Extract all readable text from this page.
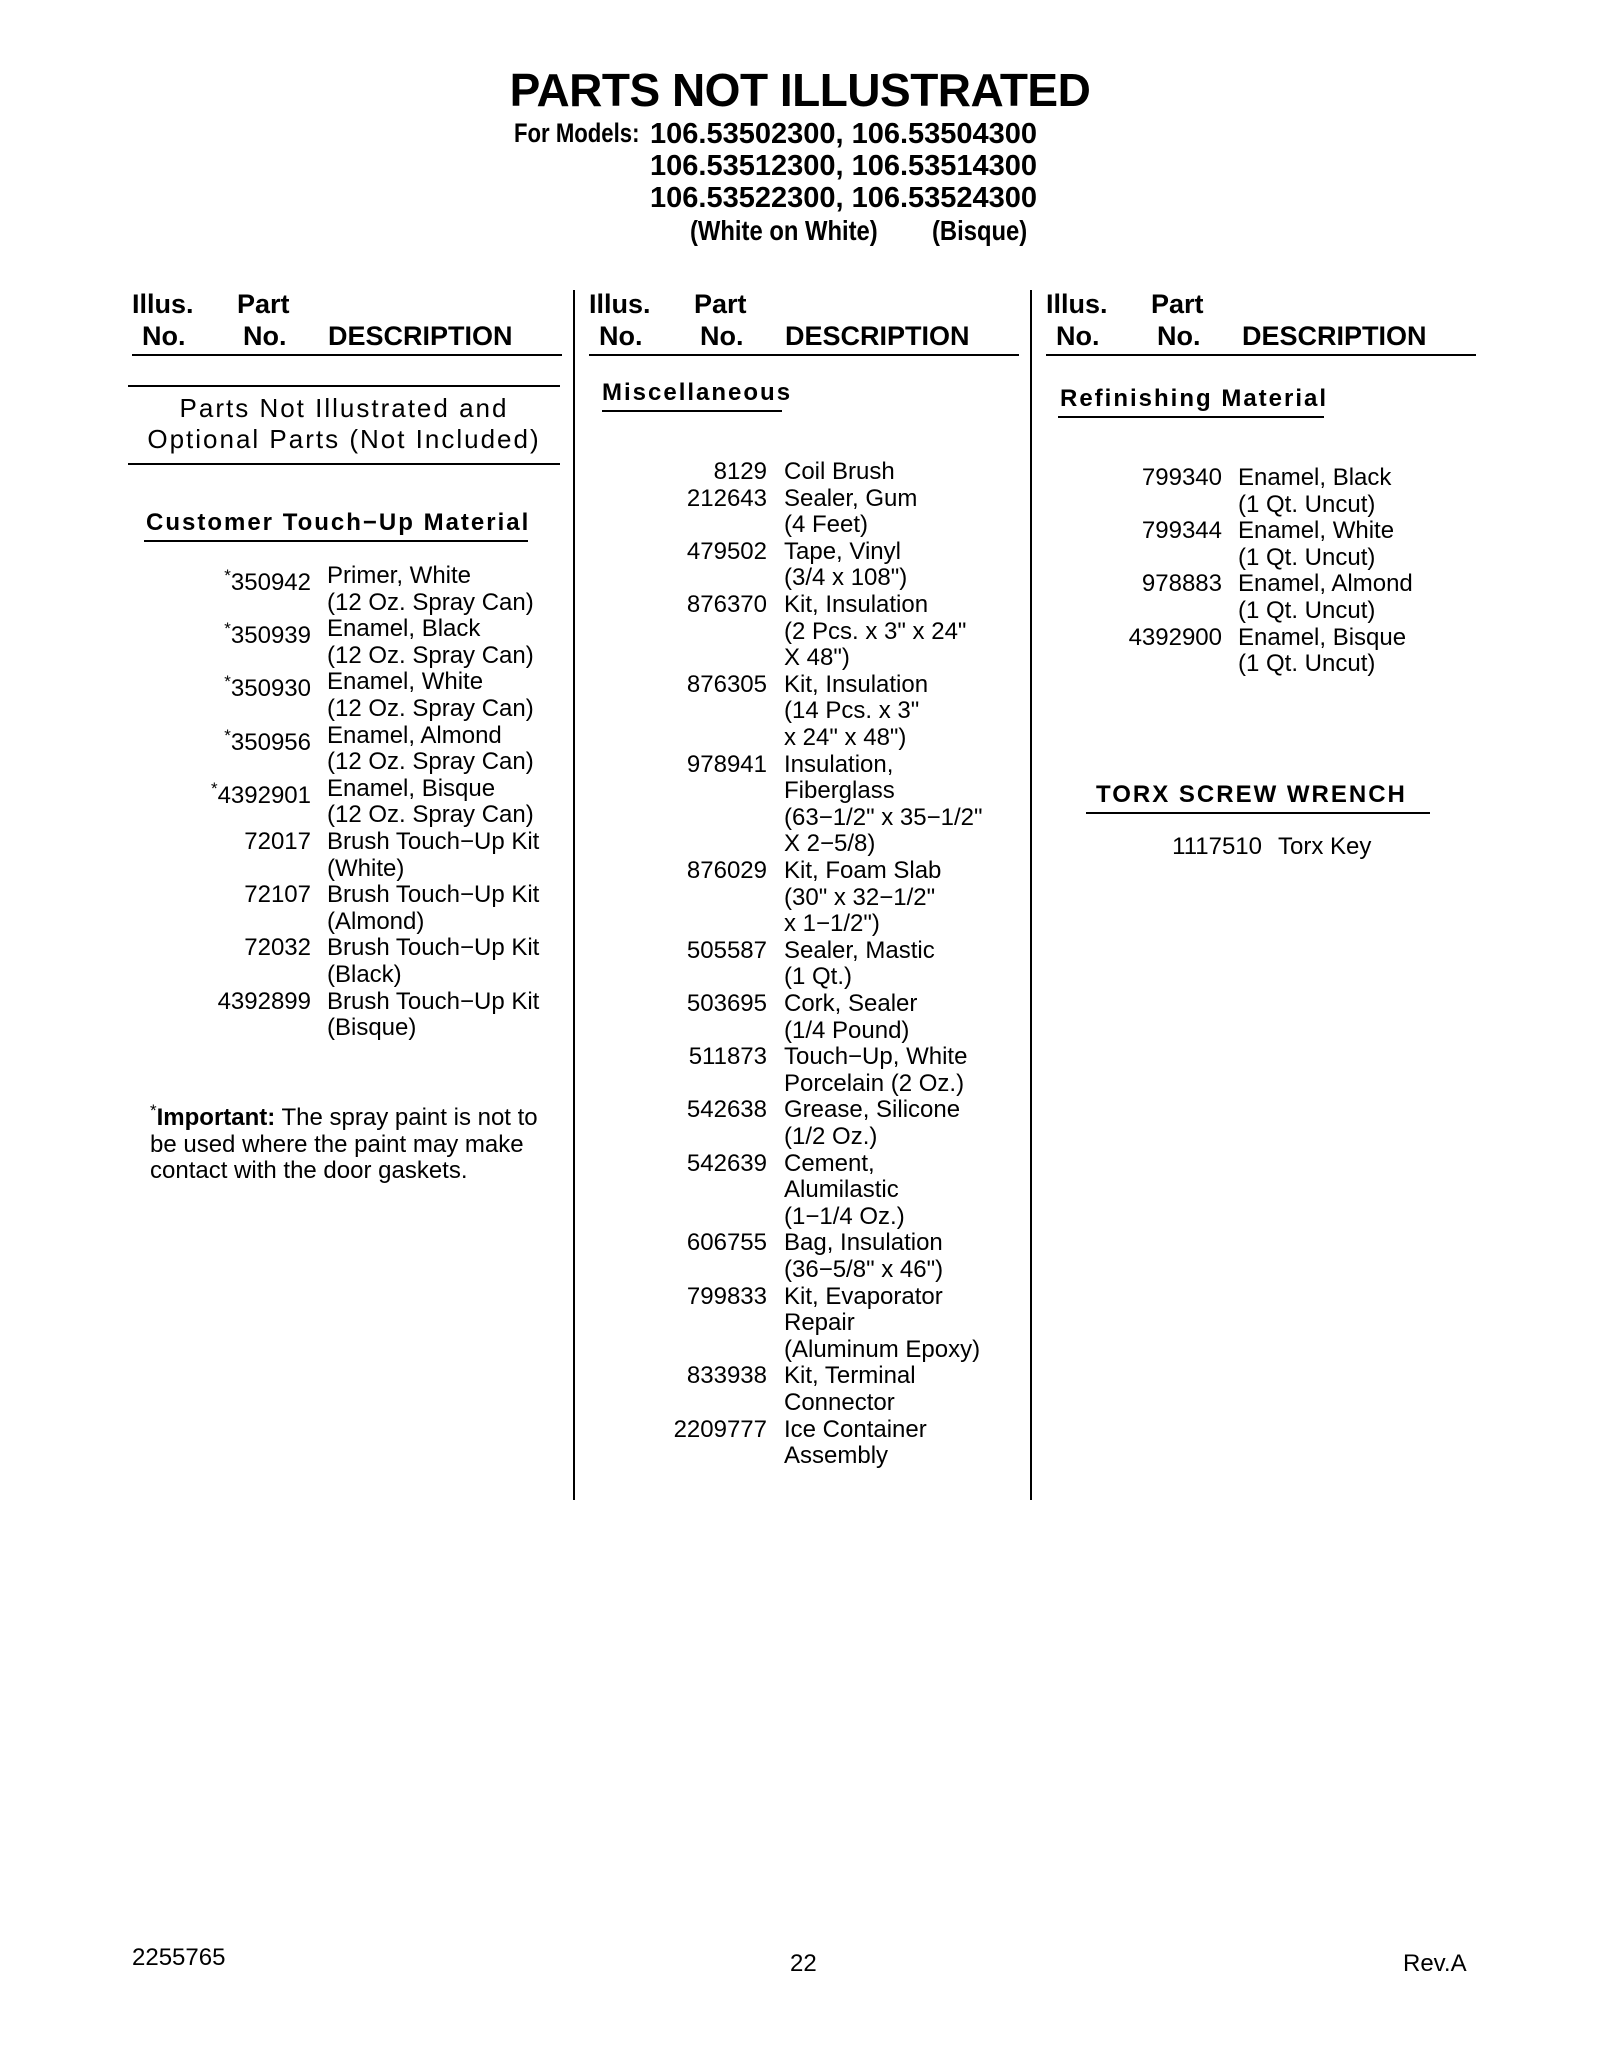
PARTS NOT ILLUSTRATED
For Models: 106.53502300, 106.53504300
106.53512300, 106.53514300
106.53522300, 106.53524300
(White on White) (Bisque)
Illus. Part
No. No. DESCRIPTION
Illus. Part
No. No. DESCRIPTION
Illus. Part
No. No. DESCRIPTION
Parts Not Illustrated and
Optional Parts (Not Included)
Customer Touch−Up Material
*350942 Primer, White
(12 Oz. Spray Can)
*350939 Enamel, Black
(12 Oz. Spray Can)
*350930 Enamel, White
(12 Oz. Spray Can)
*350956 Enamel, Almond
(12 Oz. Spray Can)
*4392901 Enamel, Bisque
(12 Oz. Spray Can)
72017 Brush Touch−Up Kit
(White)
72107 Brush Touch−Up Kit
(Almond)
72032 Brush Touch−Up Kit
(Black)
4392899 Brush Touch−Up Kit
(Bisque)
*Important: The spray paint is not to be used where the paint may make contact with the door gaskets.
Miscellaneous
8129 Coil Brush
212643 Sealer, Gum
(4 Feet)
479502 Tape, Vinyl
(3/4 x 108")
876370 Kit, Insulation
(2 Pcs. x 3" x 24"
X 48")
876305 Kit, Insulation
(14 Pcs. x 3"
x 24" x 48")
978941 Insulation,
Fiberglass
(63−1/2" x 35−1/2"
X 2−5/8)
876029 Kit, Foam Slab
(30" x 32−1/2"
x 1−1/2")
505587 Sealer, Mastic
(1 Qt.)
503695 Cork, Sealer
(1/4 Pound)
511873 Touch−Up, White
Porcelain (2 Oz.)
542638 Grease, Silicone
(1/2 Oz.)
542639 Cement,
Alumilastic
(1−1/4 Oz.)
606755 Bag, Insulation
(36−5/8" x 46")
799833 Kit, Evaporator
Repair
(Aluminum Epoxy)
833938 Kit, Terminal
Connector
2209777 Ice Container
Assembly
Refinishing Material
799340 Enamel, Black
(1 Qt. Uncut)
799344 Enamel, White
(1 Qt. Uncut)
978883 Enamel, Almond
(1 Qt. Uncut)
4392900 Enamel, Bisque
(1 Qt. Uncut)
TORX SCREW WRENCH
1117510 Torx Key
2255765	22	Rev.A
